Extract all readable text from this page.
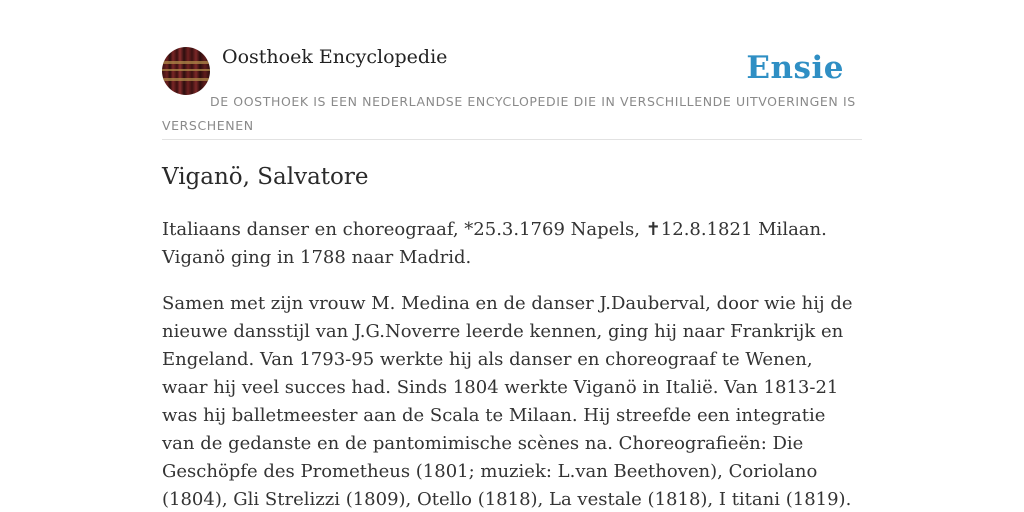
Oosthoek Encyclopedie	Ensie
DE OOSTHOEK IS EEN NEDERLANDSE ENCYCLOPEDIE DIE IN VERSCHILLENDE UITVOERINGEN IS VERSCHENEN
Viganö, Salvatore

Italiaans danser en choreograaf, *25.3.1769 Napels, ✝12.8.1821 Milaan. Viganö ging in 1788 naar Madrid.

Samen met zijn vrouw M. Medina en de danser J.Dauberval, door wie hij de nieuwe dansstijl van J.G.Noverre leerde kennen, ging hij naar Frankrijk en Engeland. Van 1793-95 werkte hij als danser en choreograaf te Wenen, waar hij veel succes had. Sinds 1804 werkte Viganö in Italië. Van 1813-21 was hij balletmeester aan de Scala te Milaan. Hij streefde een integratie van de gedanste en de pantomimische scènes na. Choreografieën: Die Geschöpfe des Prometheus (1801; muziek: L.van Beethoven), Coriolano (1804), Gli Strelizzi (1809), Otello (1818), La vestale (1818), I titani (1819).
